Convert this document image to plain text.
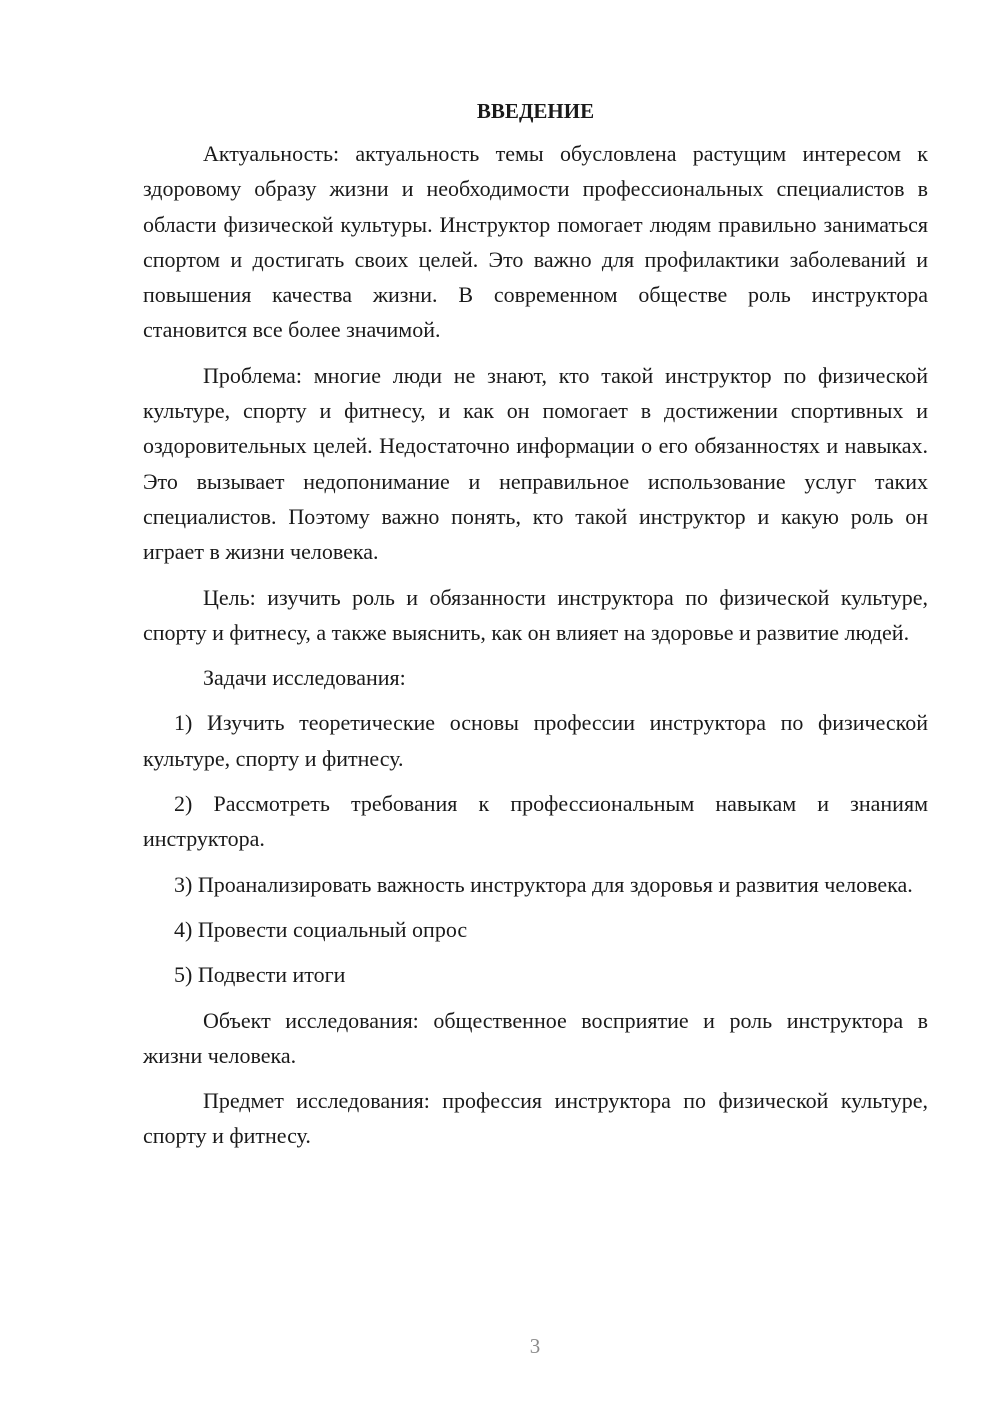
ВВЕДЕНИЕ

Актуальность: актуальность темы обусловлена растущим интересом к здоровому образу жизни и необходимости профессиональных специалистов в области физической культуры. Инструктор помогает людям правильно заниматься спортом и достигать своих целей. Это важно для профилактики заболеваний и повышения качества жизни. В современном обществе роль инструктора становится все более значимой.

Проблема: многие люди не знают, кто такой инструктор по физической культуре, спорту и фитнесу, и как он помогает в достижении спортивных и оздоровительных целей. Недостаточно информации о его обязанностях и навыках. Это вызывает недопонимание и неправильное использование услуг таких специалистов. Поэтому важно понять, кто такой инструктор и какую роль он играет в жизни человека.

Цель: изучить роль и обязанности инструктора по физической культуре, спорту и фитнесу, а также выяснить, как он влияет на здоровье и развитие людей.

Задачи исследования:

1) Изучить теоретические основы профессии инструктора по физической культуре, спорту и фитнесу.

2) Рассмотреть требования к профессиональным навыкам и знаниям инструктора.

3) Проанализировать важность инструктора для здоровья и развития человека.

4) Провести социальный опрос

5) Подвести итоги

Объект исследования: общественное восприятие и роль инструктора в жизни человека.

Предмет исследования: профессия инструктора по физической культуре, спорту и фитнесу.

3
